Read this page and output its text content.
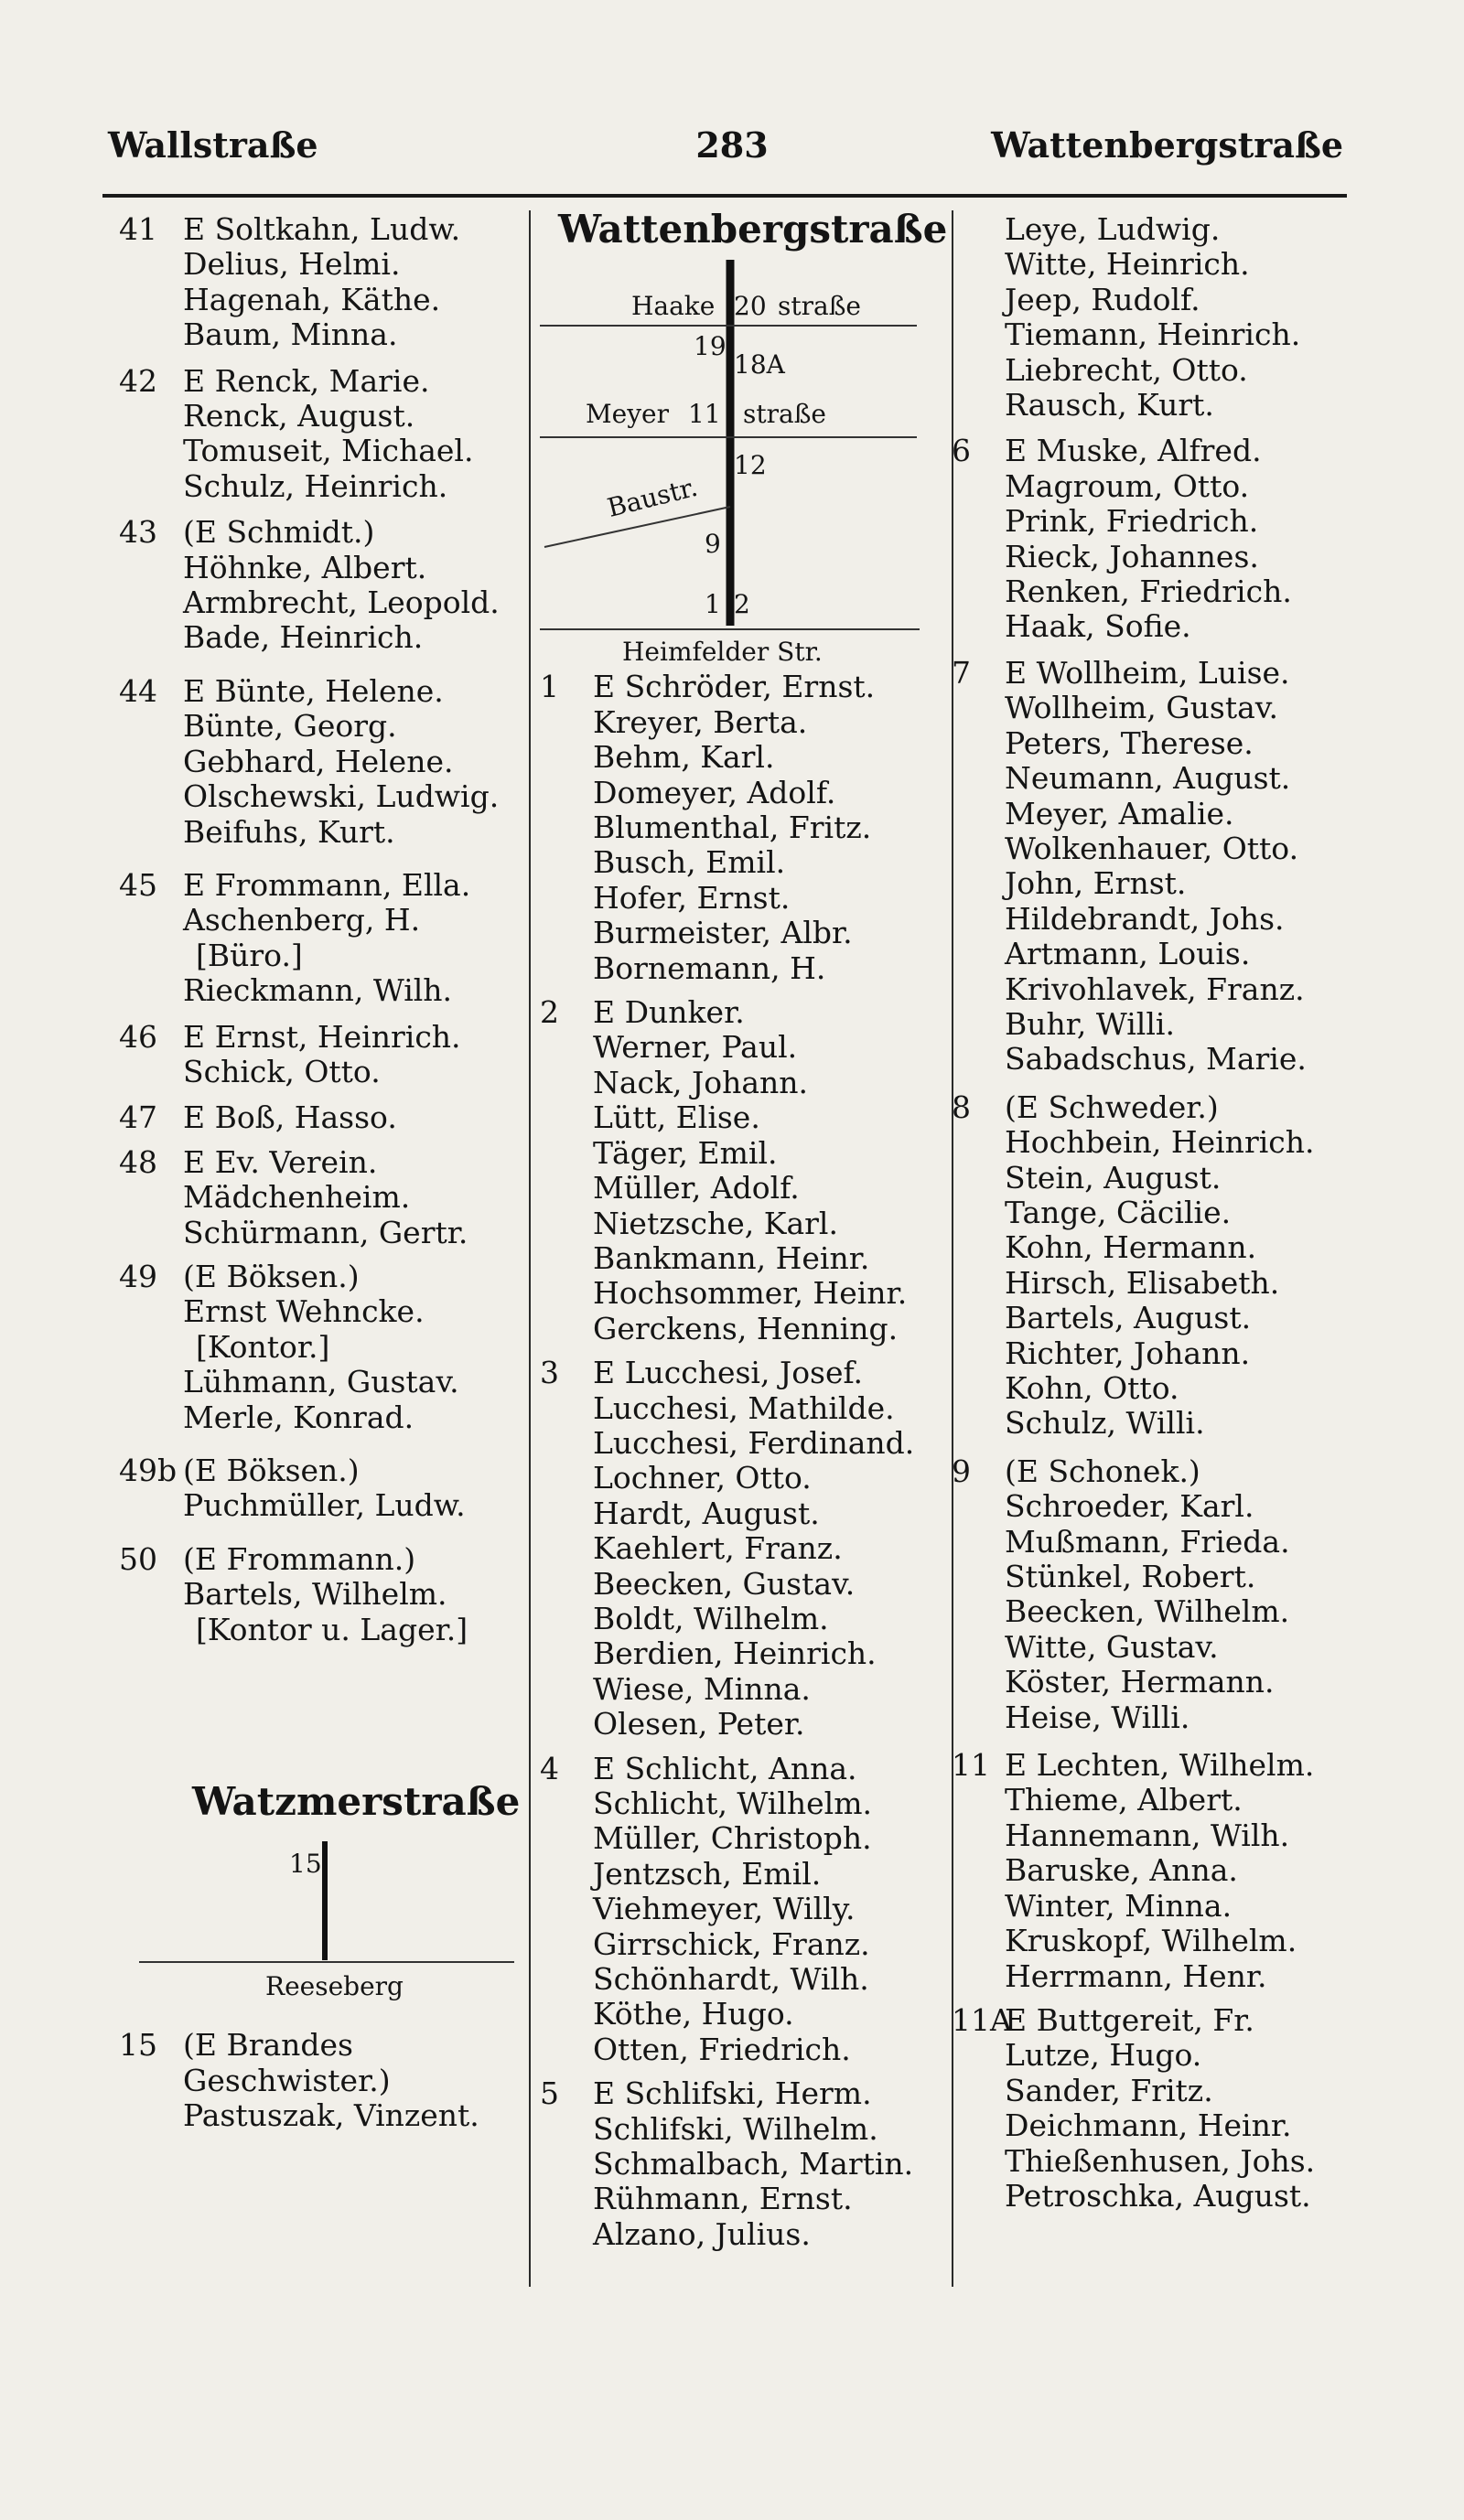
Wallstraße	283	Wattenbergstraße
41 E Soltkahn, Ludw.
Delius, Helmi.
Hagenah, Käthe.
Baum, Minna.
42 E Renck, Marie.
Renck, August.
Tomuseit, Michael.
Schulz, Heinrich.
43 (E Schmidt.)
Höhnke, Albert.
Armbrecht, Leopold.
Bade, Heinrich.
44 E Bünte, Helene.
Bünte, Georg.
Gebhard, Helene.
Olschewski, Ludwig.
Beifuhs, Kurt.
45 E Frommann, Ella.
Aschenberg, H.
[Büro.]
Rieckmann, Wilh.
46 E Ernst, Heinrich.
Schick, Otto.
47 E Boß, Hasso.
48 E Ev. Verein.
Mädchenheim.
Schürmann, Gertr.
49 (E Böksen.)
Ernst Wehncke.
[Kontor.]
Lühmann, Gustav.
Merle, Konrad.
49b (E Böksen.)
Puchmüller, Ludw.
50 (E Frommann.)
Bartels, Wilhelm.
[Kontor u. Lager.]
Watzmerstraße
15
Reeseberg
15 (E Brandes
Geschwister.)
Pastuszak, Vinzent.
Wattenbergstraße
Haake 20 straße
19
18A
Meyer 11 straße
12
Baustr.
9
1 2
Heimfelder Str.
1 E Schröder, Ernst.
Kreyer, Berta.
Behm, Karl.
Domeyer, Adolf.
Blumenthal, Fritz.
Busch, Emil.
Hofer, Ernst.
Burmeister, Albr.
Bornemann, H.
2 E Dunker.
Werner, Paul.
Nack, Johann.
Lütt, Elise.
Täger, Emil.
Müller, Adolf.
Nietzsche, Karl.
Bankmann, Heinr.
Hochsommer, Heinr.
Gerckens, Henning.
3 E Lucchesi, Josef.
Lucchesi, Mathilde.
Lucchesi, Ferdinand.
Lochner, Otto.
Hardt, August.
Kaehlert, Franz.
Beecken, Gustav.
Boldt, Wilhelm.
Berdien, Heinrich.
Wiese, Minna.
Olesen, Peter.
4 E Schlicht, Anna.
Schlicht, Wilhelm.
Müller, Christoph.
Jentzsch, Emil.
Viehmeyer, Willy.
Girrschick, Franz.
Schönhardt, Wilh.
Köthe, Hugo.
Otten, Friedrich.
5 E Schlifski, Herm.
Schlifski, Wilhelm.
Schmalbach, Martin.
Rühmann, Ernst.
Alzano, Julius.
Leye, Ludwig.
Witte, Heinrich.
Jeep, Rudolf.
Tiemann, Heinrich.
Liebrecht, Otto.
Rausch, Kurt.
6 E Muske, Alfred.
Magroum, Otto.
Prink, Friedrich.
Rieck, Johannes.
Renken, Friedrich.
Haak, Sofie.
7 E Wollheim, Luise.
Wollheim, Gustav.
Peters, Therese.
Neumann, August.
Meyer, Amalie.
Wolkenhauer, Otto.
John, Ernst.
Hildebrandt, Johs.
Artmann, Louis.
Krivohlavek, Franz.
Buhr, Willi.
Sabadschus, Marie.
8 (E Schweder.)
Hochbein, Heinrich.
Stein, August.
Tange, Cäcilie.
Kohn, Hermann.
Hirsch, Elisabeth.
Bartels, August.
Richter, Johann.
Kohn, Otto.
Schulz, Willi.
9 (E Schonek.)
Schroeder, Karl.
Mußmann, Frieda.
Stünkel, Robert.
Beecken, Wilhelm.
Witte, Gustav.
Köster, Hermann.
Heise, Willi.
11 E Lechten, Wilhelm.
Thieme, Albert.
Hannemann, Wilh.
Baruske, Anna.
Winter, Minna.
Kruskopf, Wilhelm.
Herrmann, Henr.
11A
E Buttgereit, Fr.
Lutze, Hugo.
Sander, Fritz.
Deichmann, Heinr.
Thießenhusen, Johs.
Petroschka, August.
